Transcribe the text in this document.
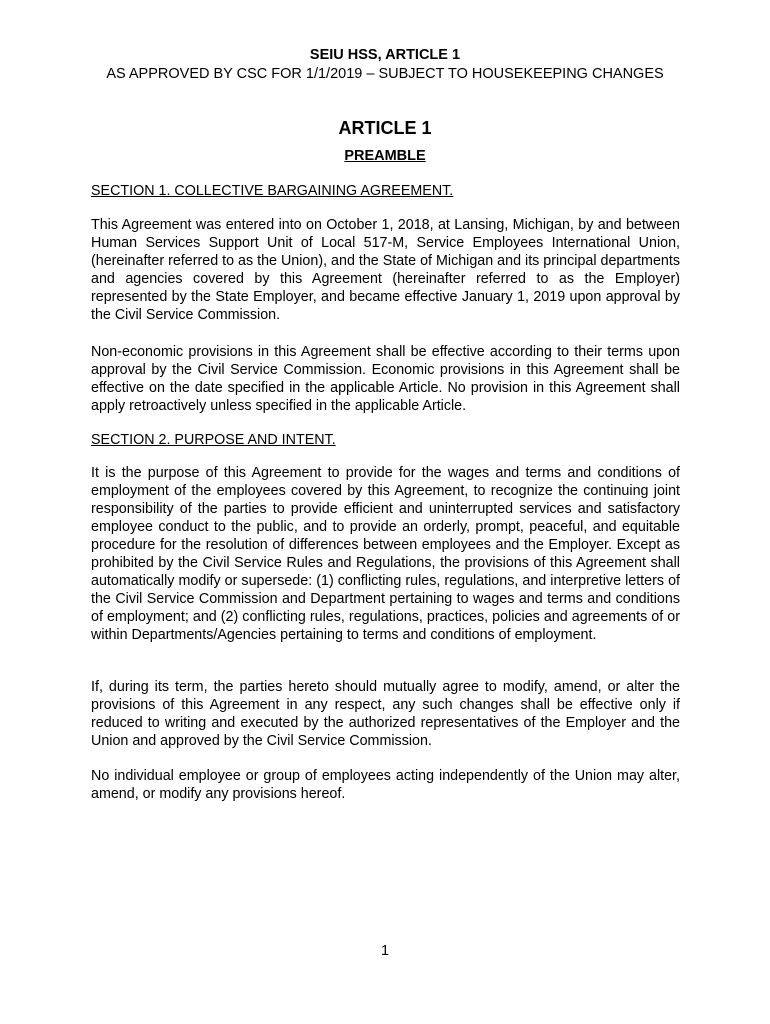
SEIU HSS, ARTICLE 1
AS APPROVED BY CSC FOR 1/1/2019 – SUBJECT TO HOUSEKEEPING CHANGES
ARTICLE 1
PREAMBLE
SECTION 1. COLLECTIVE BARGAINING AGREEMENT.

This Agreement was entered into on October 1, 2018, at Lansing, Michigan, by and between Human Services Support Unit of Local 517-M, Service Employees International Union, (hereinafter referred to as the Union), and the State of Michigan and its principal departments and agencies covered by this Agreement (hereinafter referred to as the Employer) represented by the State Employer, and became effective January 1, 2019 upon approval by the Civil Service Commission.

Non-economic provisions in this Agreement shall be effective according to their terms upon approval by the Civil Service Commission. Economic provisions in this Agreement shall be effective on the date specified in the applicable Article. No provision in this Agreement shall apply retroactively unless specified in the applicable Article.

SECTION 2. PURPOSE AND INTENT.

It is the purpose of this Agreement to provide for the wages and terms and conditions of employment of the employees covered by this Agreement, to recognize the continuing joint responsibility of the parties to provide efficient and uninterrupted services and satisfactory employee conduct to the public, and to provide an orderly, prompt, peaceful, and equitable procedure for the resolution of differences between employees and the Employer. Except as prohibited by the Civil Service Rules and Regulations, the provisions of this Agreement shall automatically modify or supersede: (1) conflicting rules, regulations, and interpretive letters of the Civil Service Commission and Department pertaining to wages and terms and conditions of employment; and (2) conflicting rules, regulations, practices, policies and agreements of or within Departments/Agencies pertaining to terms and conditions of employment.

If, during its term, the parties hereto should mutually agree to modify, amend, or alter the provisions of this Agreement in any respect, any such changes shall be effective only if reduced to writing and executed by the authorized representatives of the Employer and the Union and approved by the Civil Service Commission.

No individual employee or group of employees acting independently of the Union may alter, amend, or modify any provisions hereof.

1
